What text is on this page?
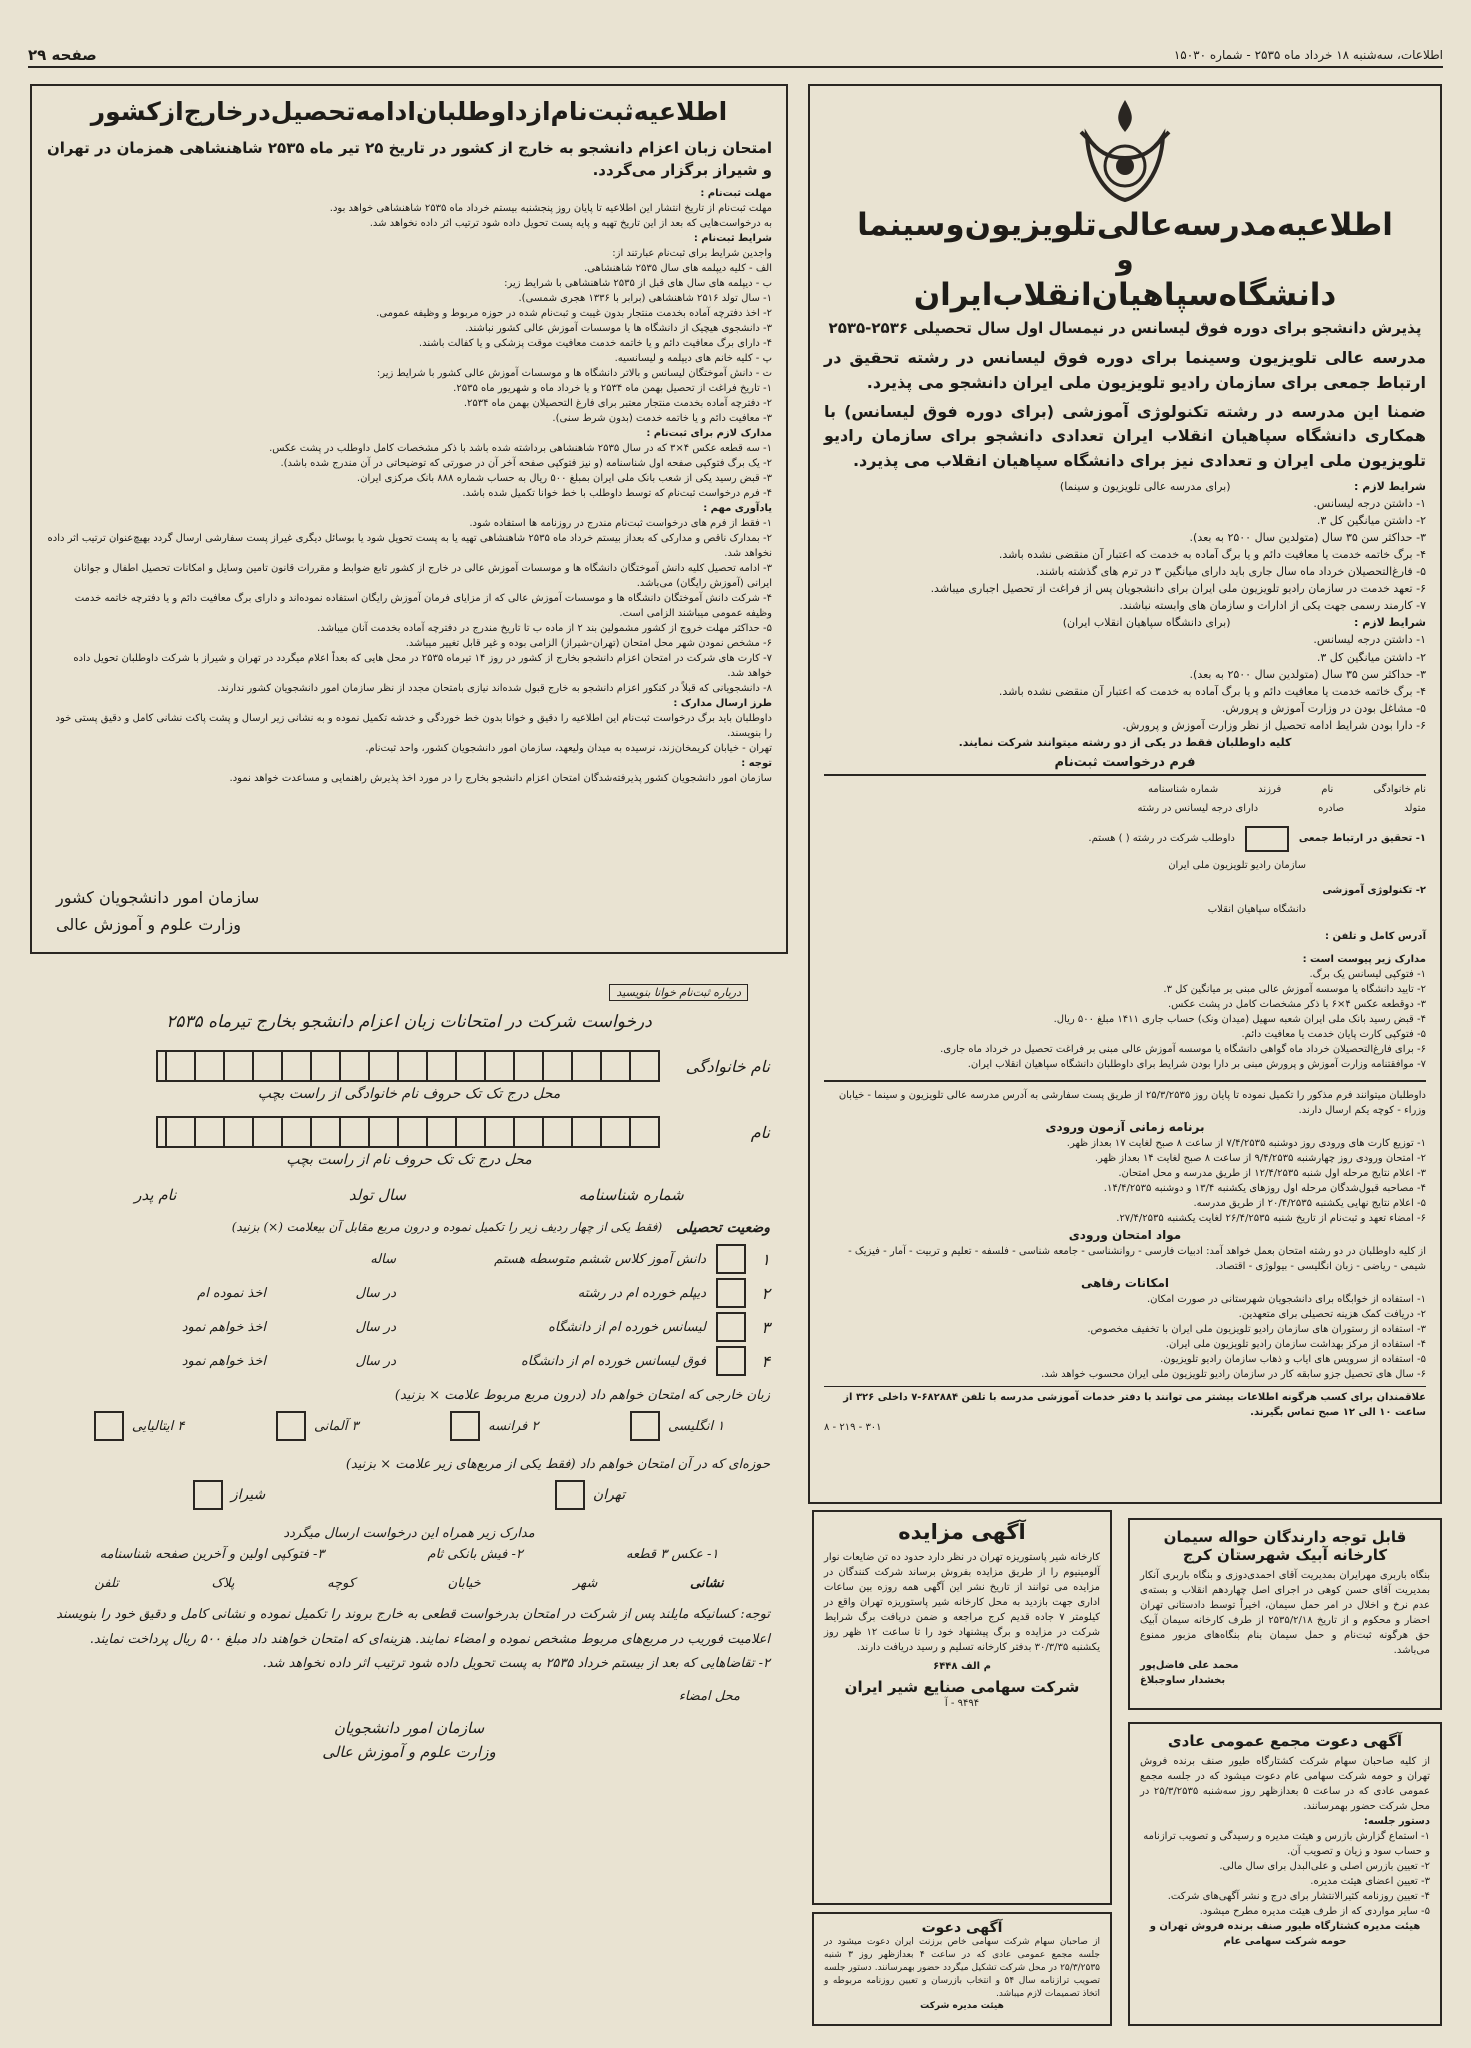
صفحه ۲۹	اطلاعات، سه‌شنبه ۱۸ خرداد ماه ۲۵۳۵ - شماره ۱۵۰۳۰
اطلاعیه‌مدرسه‌عالی‌تلویزیون‌وسینما
و
دانشگاه‌سپاهیان‌انقلاب‌ایران
پذیرش دانشجو برای دوره فوق لیسانس در نیمسال اول سال تحصیلی ۲۵۳۶-۲۵۳۵
مدرسه عالی تلویزیون وسینما برای دوره فوق لیسانس در رشته تحقیق در ارتباط جمعی برای سازمان رادیو تلویزیون ملی ایران دانشجو می پذیرد.
ضمنا این مدرسه در رشته تکنولوژی آموزشی (برای دوره فوق لیسانس) با همکاری دانشگاه سپاهیان انقلاب ایران تعدادی دانشجو برای سازمان رادیو تلویزیون ملی ایران و تعدادی نیز برای دانشگاه سپاهیان انقلاب می پذیرد.
شرایط لازم : (برای مدرسه عالی تلویزیون و سینما)
۱- داشتن درجه لیسانس.
۲- داشتن میانگین کل ۳.
۳- حداکثر سن ۳۵ سال (متولدین سال ۲۵۰۰ به بعد).
۴- برگ خاتمه خدمت یا معافیت دائم و یا برگ آماده به خدمت که اعتبار آن منقضی نشده باشد.
۵- فارغ‌التحصیلان خرداد ماه سال جاری باید دارای میانگین ۳ در ترم های گذشته باشند.
۶- تعهد خدمت در سازمان رادیو تلویزیون ملی ایران برای دانشجویان پس از فراغت از تحصیل اجباری میباشد.
۷- کارمند رسمی جهت یکی از ادارات و سازمان های وابسته نباشند.
شرایط لازم : (برای دانشگاه سپاهیان انقلاب ایران)
۱- داشتن درجه لیسانس.
۲- داشتن میانگین کل ۳.
۳- حداکثر سن ۳۵ سال (متولدین سال ۲۵۰۰ به بعد).
۴- برگ خاتمه خدمت یا معافیت دائم و یا برگ آماده به خدمت که اعتبار آن منقضی نشده باشد.
۵- مشاغل بودن در وزارت آموزش و پرورش.
۶- دارا بودن شرایط ادامه تحصیل از نظر وزارت آموزش و پرورش.
کلیه داوطلبان فقط در یکی از دو رشته میتوانند شرکت نمایند.
فرم درخواست ثبت‌نام
نام خانوادگی
نام
فرزند
شماره شناسنامه
متولد
صادره
دارای درجه لیسانس در رشته
۱- تحقیق در ارتباط جمعی
داوطلب شرکت در رشته ( ) هستم.
سازمان رادیو تلویزیون ملی ایران
۲- تکنولوژی آموزشی
دانشگاه سپاهیان انقلاب
آدرس کامل و تلفن :
مدارک زیر پیوست است :
۱- فتوکپی لیسانس یک برگ.
۲- تایید دانشگاه یا موسسه آموزش عالی مبنی بر میانگین کل ۳.
۳- دوقطعه عکس ۴×۶ با ذکر مشخصات کامل در پشت عکس.
۴- قبض رسید بانک ملی ایران شعبه سهیل (میدان ونک) حساب جاری ۱۴۱۱ مبلغ ۵۰۰ ریال.
۵- فتوکپی کارت پایان خدمت یا معافیت دائم.
۶- برای فارغ‌التحصیلان خرداد ماه گواهی دانشگاه یا موسسه آموزش عالی مبنی بر فراغت تحصیل در خرداد ماه جاری.
۷- موافقتنامه وزارت آموزش و پرورش مبنی بر دارا بودن شرایط برای داوطلبان دانشگاه سپاهیان انقلاب ایران.
داوطلبان میتوانند فرم مذکور را تکمیل نموده تا پایان روز ۲۵/۳/۲۵۳۵ از طریق پست سفارشی به آدرس مدرسه عالی تلویزیون و سینما - خیابان وزراء - کوچه یکم ارسال دارند.
برنامه زمانی آزمون ورودی
۱- توزیع کارت های ورودی روز دوشنبه ۷/۴/۲۵۳۵ از ساعت ۸ صبح لغایت ۱۷ بعداز ظهر.
۲- امتحان ورودی روز چهارشنبه ۹/۴/۲۵۳۵ از ساعت ۸ صبح لغایت ۱۴ بعداز ظهر.
۳- اعلام نتایج مرحله اول شنبه ۱۲/۴/۲۵۳۵ از طریق مدرسه و محل امتحان.
۴- مصاحبه قبول‌شدگان مرحله اول روزهای یکشنبه ۱۳/۴ و دوشنبه ۱۴/۴/۲۵۳۵.
۵- اعلام نتایج نهایی یکشنبه ۲۰/۴/۲۵۳۵ از طریق مدرسه.
۶- امضاء تعهد و ثبت‌نام از تاریخ شنبه ۲۶/۴/۲۵۳۵ لغایت یکشنبه ۲۷/۴/۲۵۳۵.
مواد امتحان ورودی
از کلیه داوطلبان در دو رشته امتحان بعمل خواهد آمد: ادبیات فارسی - روانشناسی - جامعه شناسی - فلسفه - تعلیم و تربیت - آمار - فیزیک - شیمی - ریاضی - زبان انگلیسی - بیولوژی - اقتصاد.
امکانات رفاهی
۱- استفاده از خوابگاه برای دانشجویان شهرستانی در صورت امکان.
۲- دریافت کمک هزینه تحصیلی برای متعهدین.
۳- استفاده از رستوران های سازمان رادیو تلویزیون ملی ایران با تخفیف مخصوص.
۴- استفاده از مرکز بهداشت سازمان رادیو تلویزیون ملی ایران.
۵- استفاده از سرویس های ایاب و ذهاب سازمان رادیو تلویزیون.
۶- سال های تحصیل جزو سابقه کار در سازمان رادیو تلویزیون ملی ایران محسوب خواهد شد.
علاقمندان برای کسب هرگونه اطلاعات بیشتر می توانند با دفتر خدمات آموزشی مدرسه با تلفن ۶۸۲۸۸۴-۷ داخلی ۳۲۶ از ساعت ۱۰ الی ۱۲ صبح تماس بگیرند.
۳۰۱ - ۲۱۹ - ۸
اطلاعیه‌ثبت‌نام‌ازداوطلبان‌ادامه‌تحصیل‌درخارج‌از‌کشور
امتحان زبان اعزام دانشجو به خارج از کشور در تاریخ ۲۵ تیر ماه ۲۵۳۵ شاهنشاهی همزمان در تهران و شیراز برگزار می‌گردد.
مهلت ثبت‌نام :
مهلت ثبت‌نام از تاریخ انتشار این اطلاعیه تا پایان روز پنجشنبه بیستم خرداد ماه ۲۵۳۵ شاهنشاهی خواهد بود.
به درخواست‌هایی که بعد از این تاریخ تهیه و پایه پست تحویل داده شود ترتیب اثر داده نخواهد شد.
شرایط ثبت‌نام :
واجدین شرایط برای ثبت‌نام عبارتند از:
الف - کلیه دیپلمه های سال ۲۵۳۵ شاهنشاهی.
ب - دیپلمه های سال های قبل از ۲۵۳۵ شاهنشاهی با شرایط زیر:
۱- سال تولد ۲۵۱۶ شاهنشاهی (برابر با ۱۳۳۶ هجری شمسی).
۲- اخذ دفترچه آماده بخدمت منتجار بدون غیبت و ثبت‌نام شده در حوزه مربوط و وظیفه عمومی.
۳- دانشجوی هیچیک از دانشگاه ها یا موسسات آموزش عالی کشور نباشند.
۴- دارای برگ معافیت دائم و یا خاتمه خدمت معافیت موقت پزشکی و یا کفالت باشند.
پ - کلیه خانم های دیپلمه و لیسانسیه.
ت - دانش آموختگان لیسانس و بالاتر دانشگاه ها و موسسات آموزش عالی کشور با شرایط زیر:
۱- تاریخ فراغت از تحصیل بهمن ماه ۲۵۳۴ و یا خرداد ماه و شهریور ماه ۲۵۳۵.
۲- دفترچه آماده بخدمت منتجار معتبر برای فارغ التحصیلان بهمن ماه ۲۵۳۴.
۳- معافیت دائم و یا خاتمه خدمت (بدون شرط سنی).
مدارک لازم برای ثبت‌نام :
۱- سه قطعه عکس ۴×۳ که در سال ۲۵۳۵ شاهنشاهی برداشته شده باشد با ذکر مشخصات کامل داوطلب در پشت عکس.
۲- یک برگ فتوکپی صفحه اول شناسنامه (و نیز فتوکپی صفحه آخر آن در صورتی که توضیحاتی در آن مندرج شده باشد).
۳- قبض رسید یکی از شعب بانک ملی ایران بمبلغ ۵۰۰ ریال به حساب شماره ۸۸۸ بانک مرکزی ایران.
۴- فرم درخواست ثبت‌نام که توسط داوطلب با خط خوانا تکمیل شده باشد.
یادآوری مهم :
۱- فقط از فرم های درخواست ثبت‌نام مندرج در روزنامه ها استفاده شود.
۲- بمدارک ناقص و مدارکی که بعداز بیستم خرداد ماه ۲۵۳۵ شاهنشاهی تهیه یا به پست تحویل شود یا بوسائل دیگری غیراز پست سفارشی ارسال گردد بهیچ‌عنوان ترتیب اثر داده نخواهد شد.
۳- ادامه تحصیل کلیه دانش آموختگان دانشگاه ها و موسسات آموزش عالی در خارج از کشور تابع ضوابط و مقررات قانون تامین وسایل و امکانات تحصیل اطفال و جوانان ایرانی (آموزش رایگان) می‌باشد.
۴- شرکت دانش آموختگان دانشگاه ها و موسسات آموزش عالی که از مزایای فرمان آموزش رایگان استفاده نموده‌اند و دارای برگ معافیت دائم و یا دفترچه خاتمه خدمت وظیفه عمومی میباشند الزامی است.
۵- حداکثر مهلت خروج از کشور مشمولین بند ۲ از ماده ب تا تاریخ مندرج در دفترچه آماده بخدمت آنان میباشد.
۶- مشخص نمودن شهر محل امتحان (تهران-شیراز) الزامی بوده و غیر قابل تغییر میباشد.
۷- کارت های شرکت در امتحان اعزام دانشجو بخارج از کشور در روز ۱۴ تیرماه ۲۵۳۵ در محل هایی که بعداً اعلام میگردد در تهران و شیراز با شرکت داوطلبان تحویل داده خواهد شد.
۸- دانشجویانی که قبلاً در کنکور اعزام دانشجو به خارج قبول شده‌اند نیازی بامتحان مجدد از نظر سازمان امور دانشجویان کشور ندارند.
طرز ارسال مدارک :
داوطلبان باید برگ درخواست ثبت‌نام این اطلاعیه را دقیق و خوانا بدون خط خوردگی و خدشه تکمیل نموده و به نشانی زیر ارسال و پشت پاکت نشانی کامل و دقیق پستی خود را بنویسند.
تهران - خیابان کریمخان‌زند، نرسیده به میدان ولیعهد، سازمان امور دانشجویان کشور، واحد ثبت‌نام.
توجه :
سازمان امور دانشجویان کشور پذیرفته‌شدگان امتحان اعزام دانشجو بخارج را در مورد اخذ پذیرش راهنمایی و مساعدت خواهد نمود.
سازمان امور دانشجویان کشور
وزارت علوم و آموزش عالی
درباره ثبت‌نام خوانا بنویسید
درخواست شرکت در امتحانات زبان اعزام دانشجو بخارج تیرماه ۲۵۳۵
نام خانوادگی
محل درج تک تک حروف نام خانوادگی از راست بچپ
نام
محل درج تک تک حروف نام از راست بچپ
شماره شناسنامه
سال تولد
نام پدر
وضعیت تحصیلی
(فقط یکی از چهار ردیف زیر را تکمیل نموده و درون مربع مقابل آن بیعلامت (×) بزنید)
۱
دانش آموز کلاس ششم متوسطه هستم
ساله
۲
دیپلم خورده ام در رشته
در سال
اخذ نموده ام
۳
لیسانس خورده ام از دانشگاه
در سال
اخذ خواهم نمود
۴
فوق لیسانس خورده ام از دانشگاه
در سال
اخذ خواهم نمود
زبان خارجی که امتحان خواهم داد (درون مربع مربوط علامت × بزنید)
۱ انگلیسی
۲ فرانسه
۳ آلمانی
۴ ایتالیایی
حوزه‌ای که در آن امتحان خواهم داد (فقط یکی از مربع‌های زیر علامت × بزنید)
تهران
شیراز
مدارک زیر همراه این درخواست ارسال میگردد
۱- عکس ۳ قطعه
۲- فیش بانکی ثام
۳- فتوکپی اولین و آخرین صفحه شناسنامه
نشانی
شهر
خیابان
کوچه
پلاک
تلفن
توجه: کسانیکه مایلند پس از شرکت در امتحان بدرخواست قطعی به خارج بروند را تکمیل نموده و نشانی کامل و دقیق خود را بنویسند اعلامیت فوریب در مربع‌های مربوط مشخص نموده و امضاء نمایند. هزینه‌ای که امتحان خواهند داد مبلغ ۵۰۰ ریال پرداخت نمایند.
۲- تقاضاهایی که بعد از بیستم خرداد ۲۵۳۵ به پست تحویل داده شود ترتیب اثر داده نخواهد شد.
محل امضاء
سازمان امور دانشجویان
وزارت علوم و آموزش عالی
قابل توجه دارندگان حواله سیمان
کارخانه آبیک شهرستان کرج
بنگاه باربری مهرایران بمدیریت آقای احمدی‌دوزی و بنگاه باربری آنکار بمدیریت آقای حسن کوهی در اجرای اصل چهاردهم انقلاب و بسته‌ی عدم نرخ و اخلال در امر حمل سیمان، اخیراً توسط دادستانی تهران احضار و محکوم و از تاریخ ۲۵۳۵/۲/۱۸ از طرف کارخانه سیمان آبیک حق هرگونه ثبت‌نام و حمل سیمان بنام بنگاه‌های مزبور ممنوع می‌باشد.
محمد علی فاضل‌پور
بخشدار ساوجبلاغ
آگهی دعوت مجمع عمومی عادی
از کلیه صاحبان سهام شرکت کشتارگاه طیور صنف برنده فروش تهران و حومه شرکت سهامی عام دعوت میشود که در جلسه مجمع عمومی عادی که در ساعت ۵ بعدازظهر روز سه‌شنبه ۲۵/۳/۲۵۳۵ در محل شرکت حضور بهمرسانند.
دستور جلسه:
۱- استماع گزارش بازرس و هیئت مدیره و رسیدگی و تصویب ترازنامه و حساب سود و زیان و تصویب آن.
۲- تعیین بازرس اصلی و علی‌البدل برای سال مالی.
۳- تعیین اعضای هیئت مدیره.
۴- تعیین روزنامه کثیرالانتشار برای درج و نشر آگهی‌های شرکت.
۵- سایر مواردی که از طرف هیئت مدیره مطرح میشود.
هیئت مدیره کشتارگاه طیور صنف برنده فروش تهران و حومه شرکت سهامی عام
آگهی مزایده
کارخانه شیر پاستوریزه تهران در نظر دارد حدود ده تن ضایعات نوار آلومینیوم را از طریق مزایده بفروش برساند شرکت کنندگان در مزایده می توانند از تاریخ نشر این آگهی همه روزه بین ساعات اداری جهت بازدید به محل کارخانه شیر پاستوریزه تهران واقع در کیلومتر ۷ جاده قدیم کرج مراجعه و ضمن دریافت برگ شرایط شرکت در مزایده و برگ پیشنهاد خود را تا ساعت ۱۲ ظهر روز یکشنبه ۳۰/۳/۳۵ بدفتر کارخانه تسلیم و رسید دریافت دارند.
م الف ۶۴۴۸
شرکت سهامی صنایع شیر ایران
۹۴۹۴ - آ
آگهی دعوت
از صاحبان سهام شرکت سهامی خاص برزنت ایران دعوت میشود در جلسه مجمع عمومی عادی که در ساعت ۴ بعدازظهر روز ۳ شنبه ۲۵/۳/۲۵۳۵ در محل شرکت تشکیل میگردد حضور بهمرسانند. دستور جلسه تصویب ترازنامه سال ۵۴ و انتخاب بازرسان و تعیین روزنامه مربوطه و اتخاذ تصمیمات لازم میباشد.
هیئت مدیره شرکت
